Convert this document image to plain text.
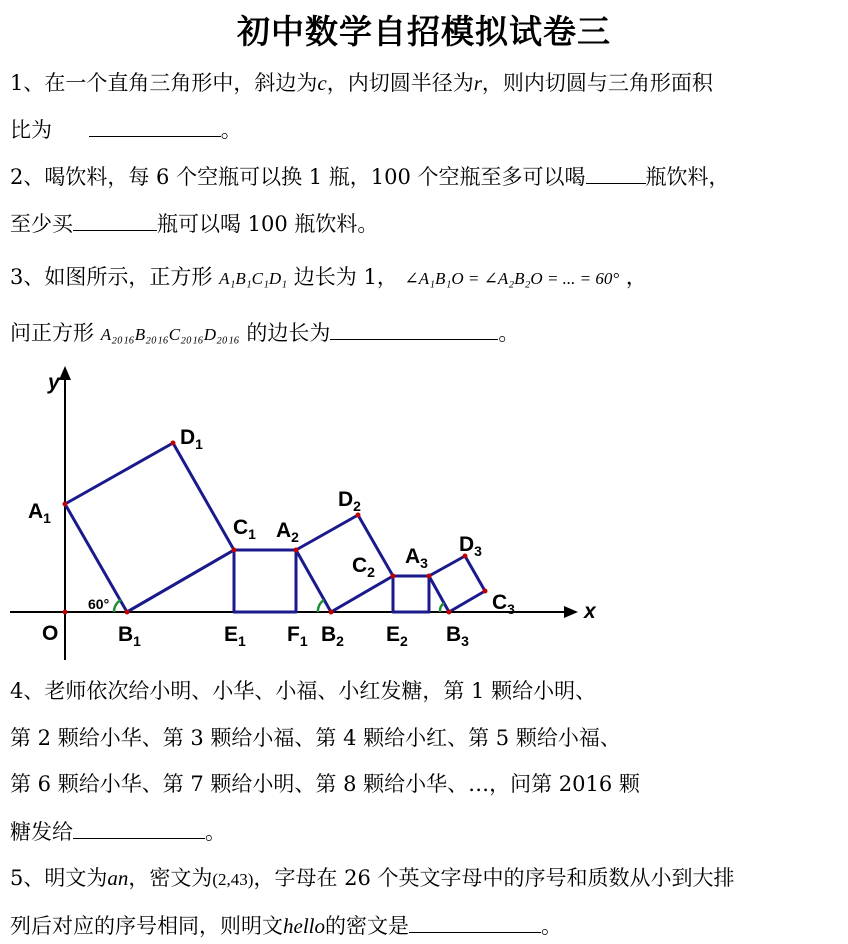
初中数学自招模拟试卷三
1、在一个直角三角形中，斜边为c，内切圆半径为r，则内切圆与三角形面积
比为	。
2、喝饮料，每 6 个空瓶可以换 1 瓶，100 个空瓶至多可以喝	瓶饮料，
至少买	瓶可以喝 100 瓶饮料。
3、如图所示，正方形 A₁B₁C₁D₁ 边长为 1， ∠A₁B₁O = ∠A₂B₂O = ... = 60° ，
问正方形 A₂₀₁₆B₂₀₁₆C₂₀₁₆D₂₀₁₆ 的边长为	。
y
x
O
60°
$A_1$
$B_1$
$C_1$
$D_1$
$E_1$ $F_1$
$A_2$
$B_2$
$C_2$
$D_2$
$E_2$
$A_3$
$B_3$
$C_3$
$D_3$
4、老师依次给小明、小华、小福、小红发糖，第 1 颗给小明、
第 2 颗给小华、第 3 颗给小福、第 4 颗给小红、第 5 颗给小福、
第 6 颗给小华、第 7 颗给小明、第 8 颗给小华、…，问第 2016 颗
糖发给	。
5、明文为an，密文为(2,43)，字母在 26 个英文字母中的序号和质数从小到大排
列后对应的序号相同，则明文hello的密文是	。
